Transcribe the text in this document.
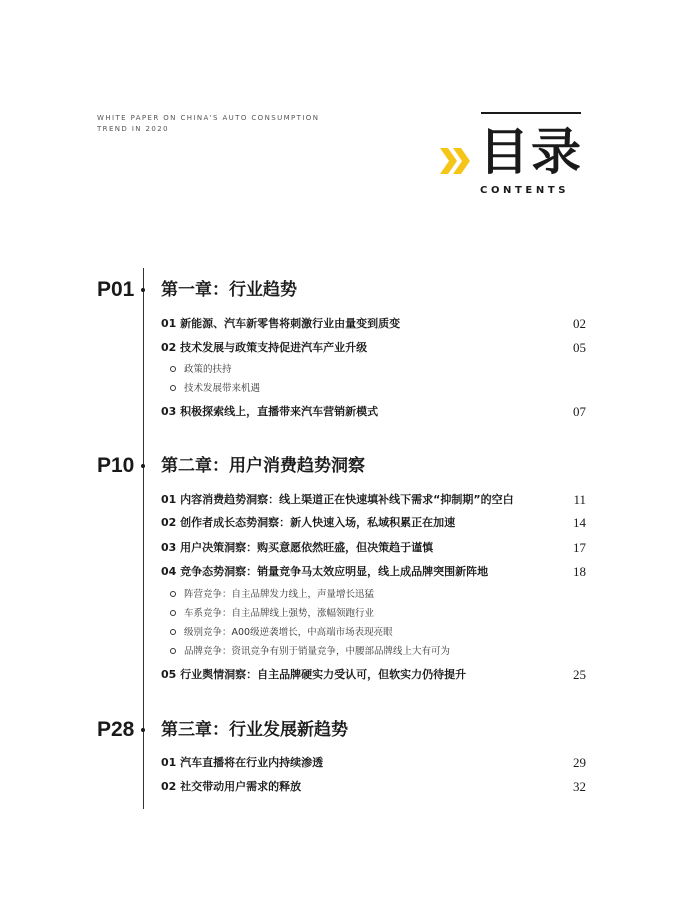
WHITE PAPER ON CHINA'S AUTO CONSUMPTION
TREND IN 2020	目录
CONTENTS
P01 第一章：行业趋势
01 新能源、汽车新零售将刺激行业由量变到质变	02
02 技术发展与政策支持促进汽车产业升级	05
政策的扶持
技术发展带来机遇
03 积极探索线上，直播带来汽车营销新模式	07
P10 第二章：用户消费趋势洞察
01 内容消费趋势洞察：线上渠道正在快速填补线下需求“抑制期”的空白	11
02 创作者成长态势洞察：新人快速入场，私域积累正在加速	14
03 用户决策洞察：购买意愿依然旺盛，但决策趋于谨慎	17
04 竞争态势洞察：销量竞争马太效应明显，线上成品牌突围新阵地	18
阵营竞争：自主品牌发力线上，声量增长迅猛
车系竞争：自主品牌线上强势，涨幅领跑行业
级别竞争：A00级逆袭增长，中高端市场表现亮眼
品牌竞争：资讯竞争有别于销量竞争，中腰部品牌线上大有可为
05 行业舆情洞察：自主品牌硬实力受认可，但软实力仍待提升	25
P28 第三章：行业发展新趋势
01 汽车直播将在行业内持续渗透	29
02 社交带动用户需求的释放	32
